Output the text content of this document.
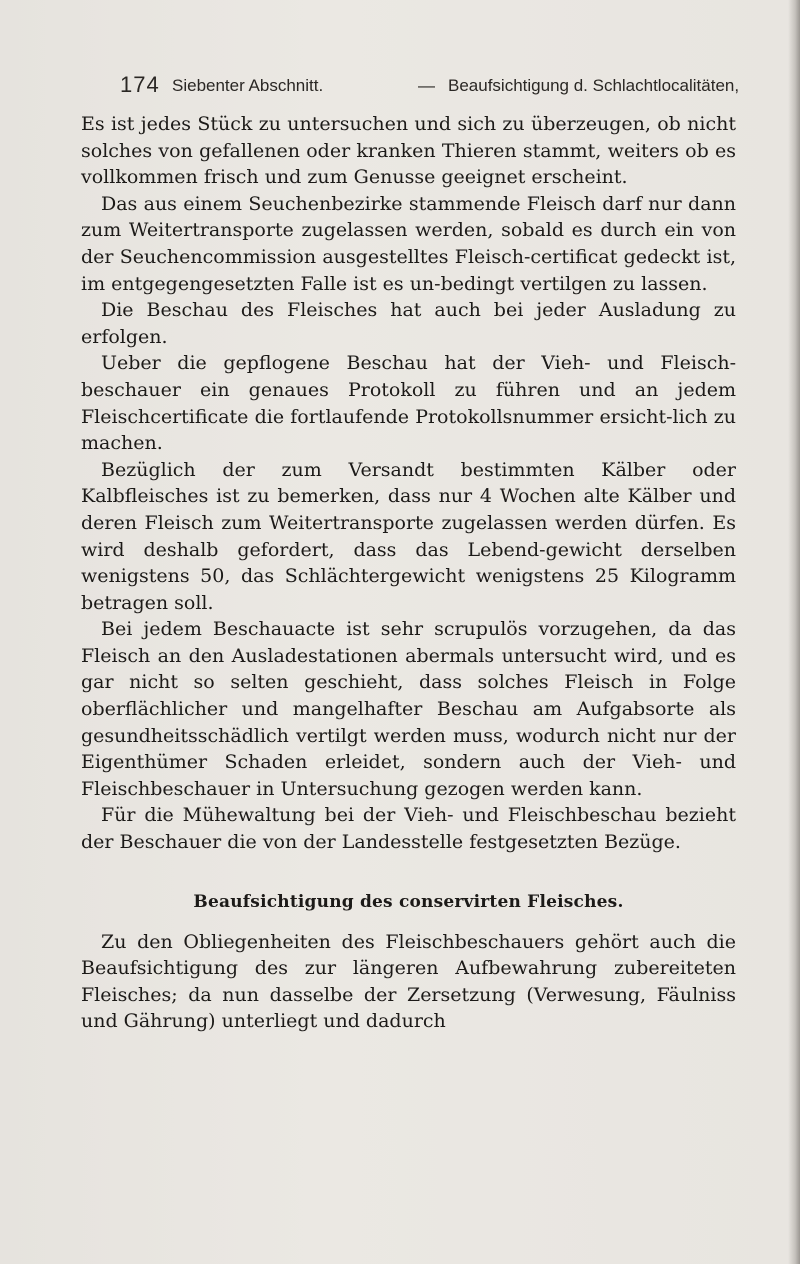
174 Siebenter Abschnitt.	— Beaufsichtigung d. Schlachtlocalitäten,

Es ist jedes Stück zu untersuchen und sich zu überzeugen, ob nicht solches von gefallenen oder kranken Thieren stammt, weiters ob es vollkommen frisch und zum Genusse geeignet erscheint.

Das aus einem Seuchenbezirke stammende Fleisch darf nur dann zum Weitertransporte zugelassen werden, sobald es durch ein von der Seuchencommission ausgestelltes Fleisch-certificat gedeckt ist, im entgegengesetzten Falle ist es un-bedingt vertilgen zu lassen.

Die Beschau des Fleisches hat auch bei jeder Ausladung zu erfolgen.

Ueber die gepflogene Beschau hat der Vieh- und Fleisch-beschauer ein genaues Protokoll zu führen und an jedem Fleischcertificate die fortlaufende Protokollsnummer ersicht-lich zu machen.

Bezüglich der zum Versandt bestimmten Kälber oder Kalbfleisches ist zu bemerken, dass nur 4 Wochen alte Kälber und deren Fleisch zum Weitertransporte zugelassen werden dürfen. Es wird deshalb gefordert, dass das Lebend-gewicht derselben wenigstens 50, das Schlächtergewicht wenigstens 25 Kilogramm betragen soll.

Bei jedem Beschauacte ist sehr scrupulös vorzugehen, da das Fleisch an den Ausladestationen abermals untersucht wird, und es gar nicht so selten geschieht, dass solches Fleisch in Folge oberflächlicher und mangelhafter Beschau am Aufgabsorte als gesundheitsschädlich vertilgt werden muss, wodurch nicht nur der Eigenthümer Schaden erleidet, sondern auch der Vieh- und Fleischbeschauer in Untersuchung gezogen werden kann.

Für die Mühewaltung bei der Vieh- und Fleischbeschau bezieht der Beschauer die von der Landesstelle festgesetzten Bezüge.

Beaufsichtigung des conservirten Fleisches.

Zu den Obliegenheiten des Fleischbeschauers gehört auch die Beaufsichtigung des zur längeren Aufbewahrung zubereiteten Fleisches; da nun dasselbe der Zersetzung (Verwesung, Fäulniss und Gährung) unterliegt und dadurch
